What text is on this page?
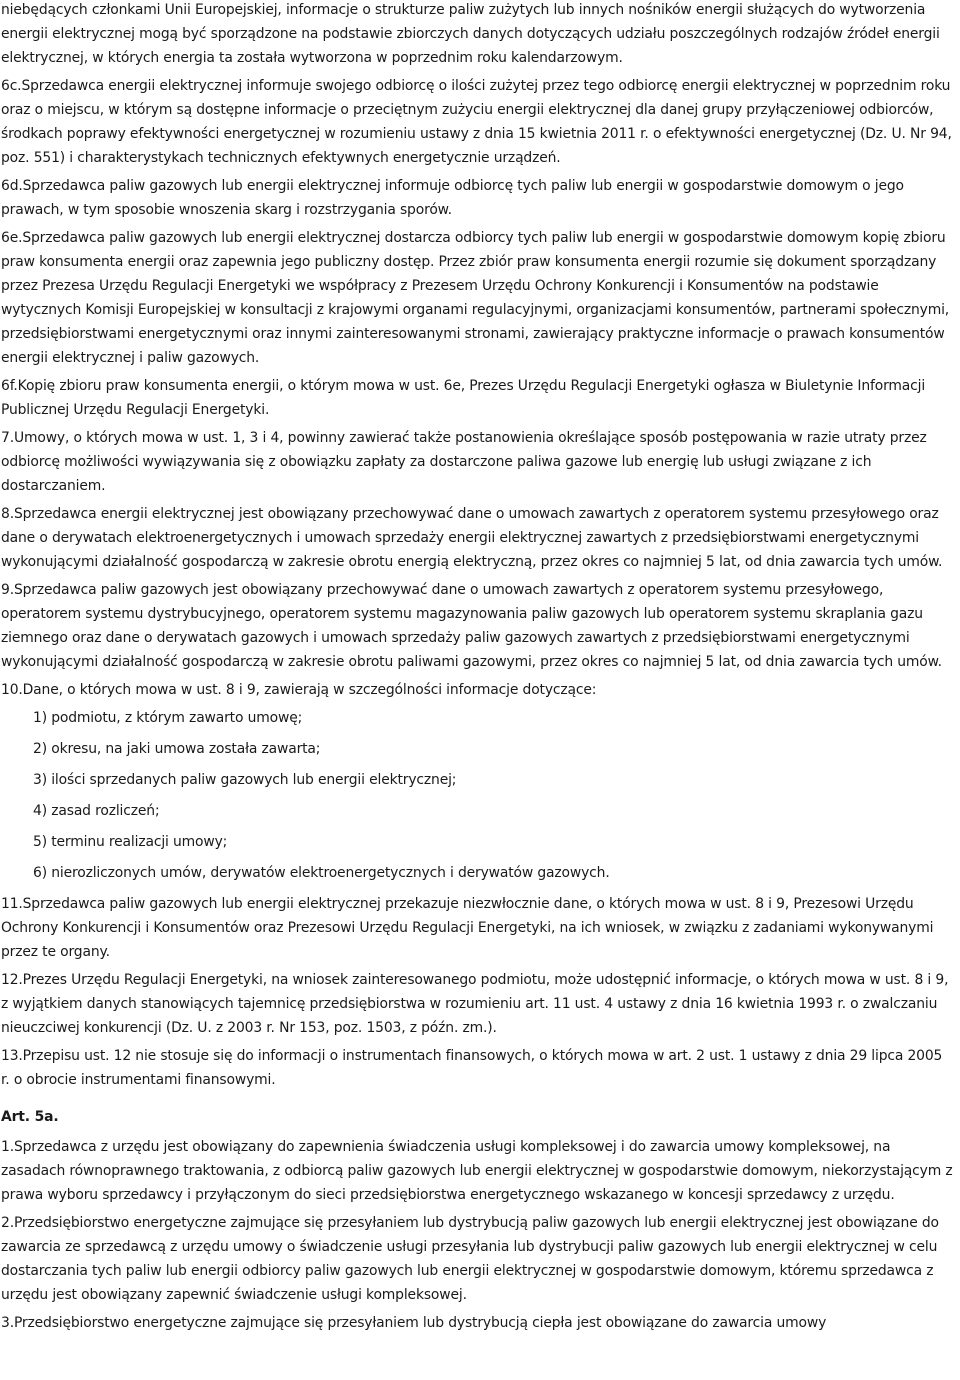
niebędących członkami Unii Europejskiej, informacje o strukturze paliw zużytych lub innych nośników energii służących do wytworzenia energii elektrycznej mogą być sporządzone na podstawie zbiorczych danych dotyczących udziału poszczególnych rodzajów źródeł energii elektrycznej, w których energia ta została wytworzona w poprzednim roku kalendarzowym.

6c.Sprzedawca energii elektrycznej informuje swojego odbiorcę o ilości zużytej przez tego odbiorcę energii elektrycznej w poprzednim roku oraz o miejscu, w którym są dostępne informacje o przeciętnym zużyciu energii elektrycznej dla danej grupy przyłączeniowej odbiorców, środkach poprawy efektywności energetycznej w rozumieniu ustawy z dnia 15 kwietnia 2011 r. o efektywności energetycznej (Dz. U. Nr 94, poz. 551) i charakterystykach technicznych efektywnych energetycznie urządzeń.

6d.Sprzedawca paliw gazowych lub energii elektrycznej informuje odbiorcę tych paliw lub energii w gospodarstwie domowym o jego prawach, w tym sposobie wnoszenia skarg i rozstrzygania sporów.

6e.Sprzedawca paliw gazowych lub energii elektrycznej dostarcza odbiorcy tych paliw lub energii w gospodarstwie domowym kopię zbioru praw konsumenta energii oraz zapewnia jego publiczny dostęp. Przez zbiór praw konsumenta energii rozumie się dokument sporządzany przez Prezesa Urzędu Regulacji Energetyki we współpracy z Prezesem Urzędu Ochrony Konkurencji i Konsumentów na podstawie wytycznych Komisji Europejskiej w konsultacji z krajowymi organami regulacyjnymi, organizacjami konsumentów, partnerami społecznymi, przedsiębiorstwami energetycznymi oraz innymi zainteresowanymi stronami, zawierający praktyczne informacje o prawach konsumentów energii elektrycznej i paliw gazowych.

6f.Kopię zbioru praw konsumenta energii, o którym mowa w ust. 6e, Prezes Urzędu Regulacji Energetyki ogłasza w Biuletynie Informacji Publicznej Urzędu Regulacji Energetyki.

7.Umowy, o których mowa w ust. 1, 3 i 4, powinny zawierać także postanowienia określające sposób postępowania w razie utraty przez odbiorcę możliwości wywiązywania się z obowiązku zapłaty za dostarczone paliwa gazowe lub energię lub usługi związane z ich dostarczaniem.

8.Sprzedawca energii elektrycznej jest obowiązany przechowywać dane o umowach zawartych z operatorem systemu przesyłowego oraz dane o derywatach elektroenergetycznych i umowach sprzedaży energii elektrycznej zawartych z przedsiębiorstwami energetycznymi wykonującymi działalność gospodarczą w zakresie obrotu energią elektryczną, przez okres co najmniej 5 lat, od dnia zawarcia tych umów.

9.Sprzedawca paliw gazowych jest obowiązany przechowywać dane o umowach zawartych z operatorem systemu przesyłowego, operatorem systemu dystrybucyjnego, operatorem systemu magazynowania paliw gazowych lub operatorem systemu skraplania gazu ziemnego oraz dane o derywatach gazowych i umowach sprzedaży paliw gazowych zawartych z przedsiębiorstwami energetycznymi wykonującymi działalność gospodarczą w zakresie obrotu paliwami gazowymi, przez okres co najmniej 5 lat, od dnia zawarcia tych umów.

10.Dane, o których mowa w ust. 8 i 9, zawierają w szczególności informacje dotyczące:

1) podmiotu, z którym zawarto umowę;

2) okresu, na jaki umowa została zawarta;

3) ilości sprzedanych paliw gazowych lub energii elektrycznej;

4) zasad rozliczeń;

5) terminu realizacji umowy;

6) nierozliczonych umów, derywatów elektroenergetycznych i derywatów gazowych.

11.Sprzedawca paliw gazowych lub energii elektrycznej przekazuje niezwłocznie dane, o których mowa w ust. 8 i 9, Prezesowi Urzędu Ochrony Konkurencji i Konsumentów oraz Prezesowi Urzędu Regulacji Energetyki, na ich wniosek, w związku z zadaniami wykonywanymi przez te organy.

12.Prezes Urzędu Regulacji Energetyki, na wniosek zainteresowanego podmiotu, może udostępnić informacje, o których mowa w ust. 8 i 9, z wyjątkiem danych stanowiących tajemnicę przedsiębiorstwa w rozumieniu art. 11 ust. 4 ustawy z dnia 16 kwietnia 1993 r. o zwalczaniu nieuczciwej konkurencji (Dz. U. z 2003 r. Nr 153, poz. 1503, z późn. zm.).

13.Przepisu ust. 12 nie stosuje się do informacji o instrumentach finansowych, o których mowa w art. 2 ust. 1 ustawy z dnia 29 lipca 2005 r. o obrocie instrumentami finansowymi.

Art. 5a.

1.Sprzedawca z urzędu jest obowiązany do zapewnienia świadczenia usługi kompleksowej i do zawarcia umowy kompleksowej, na zasadach równoprawnego traktowania, z odbiorcą paliw gazowych lub energii elektrycznej w gospodarstwie domowym, niekorzystającym z prawa wyboru sprzedawcy i przyłączonym do sieci przedsiębiorstwa energetycznego wskazanego w koncesji sprzedawcy z urzędu.

2.Przedsiębiorstwo energetyczne zajmujące się przesyłaniem lub dystrybucją paliw gazowych lub energii elektrycznej jest obowiązane do zawarcia ze sprzedawcą z urzędu umowy o świadczenie usługi przesyłania lub dystrybucji paliw gazowych lub energii elektrycznej w celu dostarczania tych paliw lub energii odbiorcy paliw gazowych lub energii elektrycznej w gospodarstwie domowym, któremu sprzedawca z urzędu jest obowiązany zapewnić świadczenie usługi kompleksowej.

3.Przedsiębiorstwo energetyczne zajmujące się przesyłaniem lub dystrybucją ciepła jest obowiązane do zawarcia umowy
